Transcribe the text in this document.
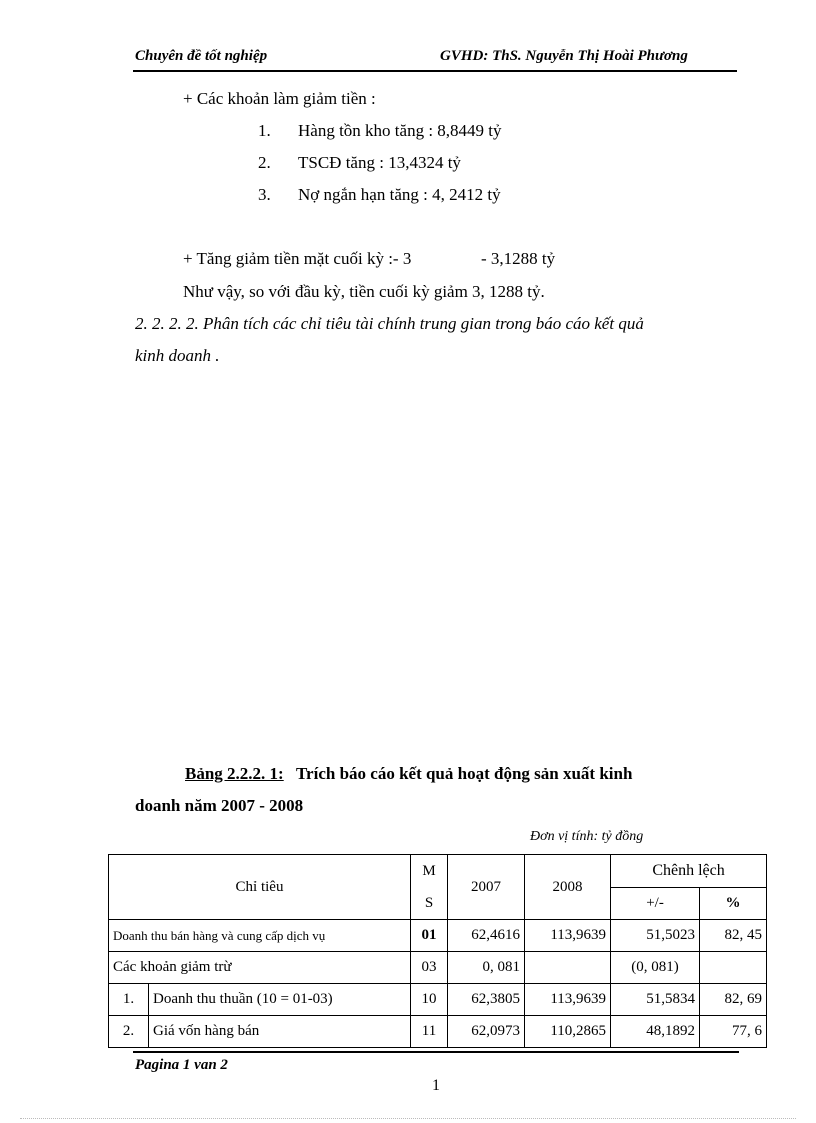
Chuyên đề tốt nghiệp	GVHD: ThS. Nguyễn Thị Hoài Phương
+ Các khoản làm giảm tiền :
1. Hàng tồn kho tăng : 8,8449 tỷ
2. TSCĐ tăng : 13,4324 tỷ
3. Nợ ngắn hạn tăng : 4, 2412 tỷ
+ Tăng giảm tiền mặt cuối kỳ :- 3	- 3,1288 tỷ
Như vậy, so với đầu kỳ, tiền cuối kỳ giảm 3, 1288 tỷ.
2. 2. 2. 2. Phân tích các chỉ tiêu tài chính trung gian trong báo cáo kết quả
kinh doanh .
Bảng 2.2.2. 1: Trích báo cáo kết quả hoạt động sản xuất kinh
doanh năm 2007 - 2008
Đơn vị tính: tỷ đồng
Chỉ tiêu		M	2007	2008	Chênh lệch	
		S			+/-	%
Doanh thu bán hàng và cung cấp dịch vụ		01	62,4616	113,9639	51,5023	82, 45
Các khoản giảm trừ		03	0, 081		(0, 081)	
1.	Doanh thu thuần (10 = 01-03)	10	62,3805	113,9639	51,5834	82, 69
2.	Giá vốn hàng bán	11	62,0973	110,2865	48,1892	77, 6
Pagina 1 van 2
1
